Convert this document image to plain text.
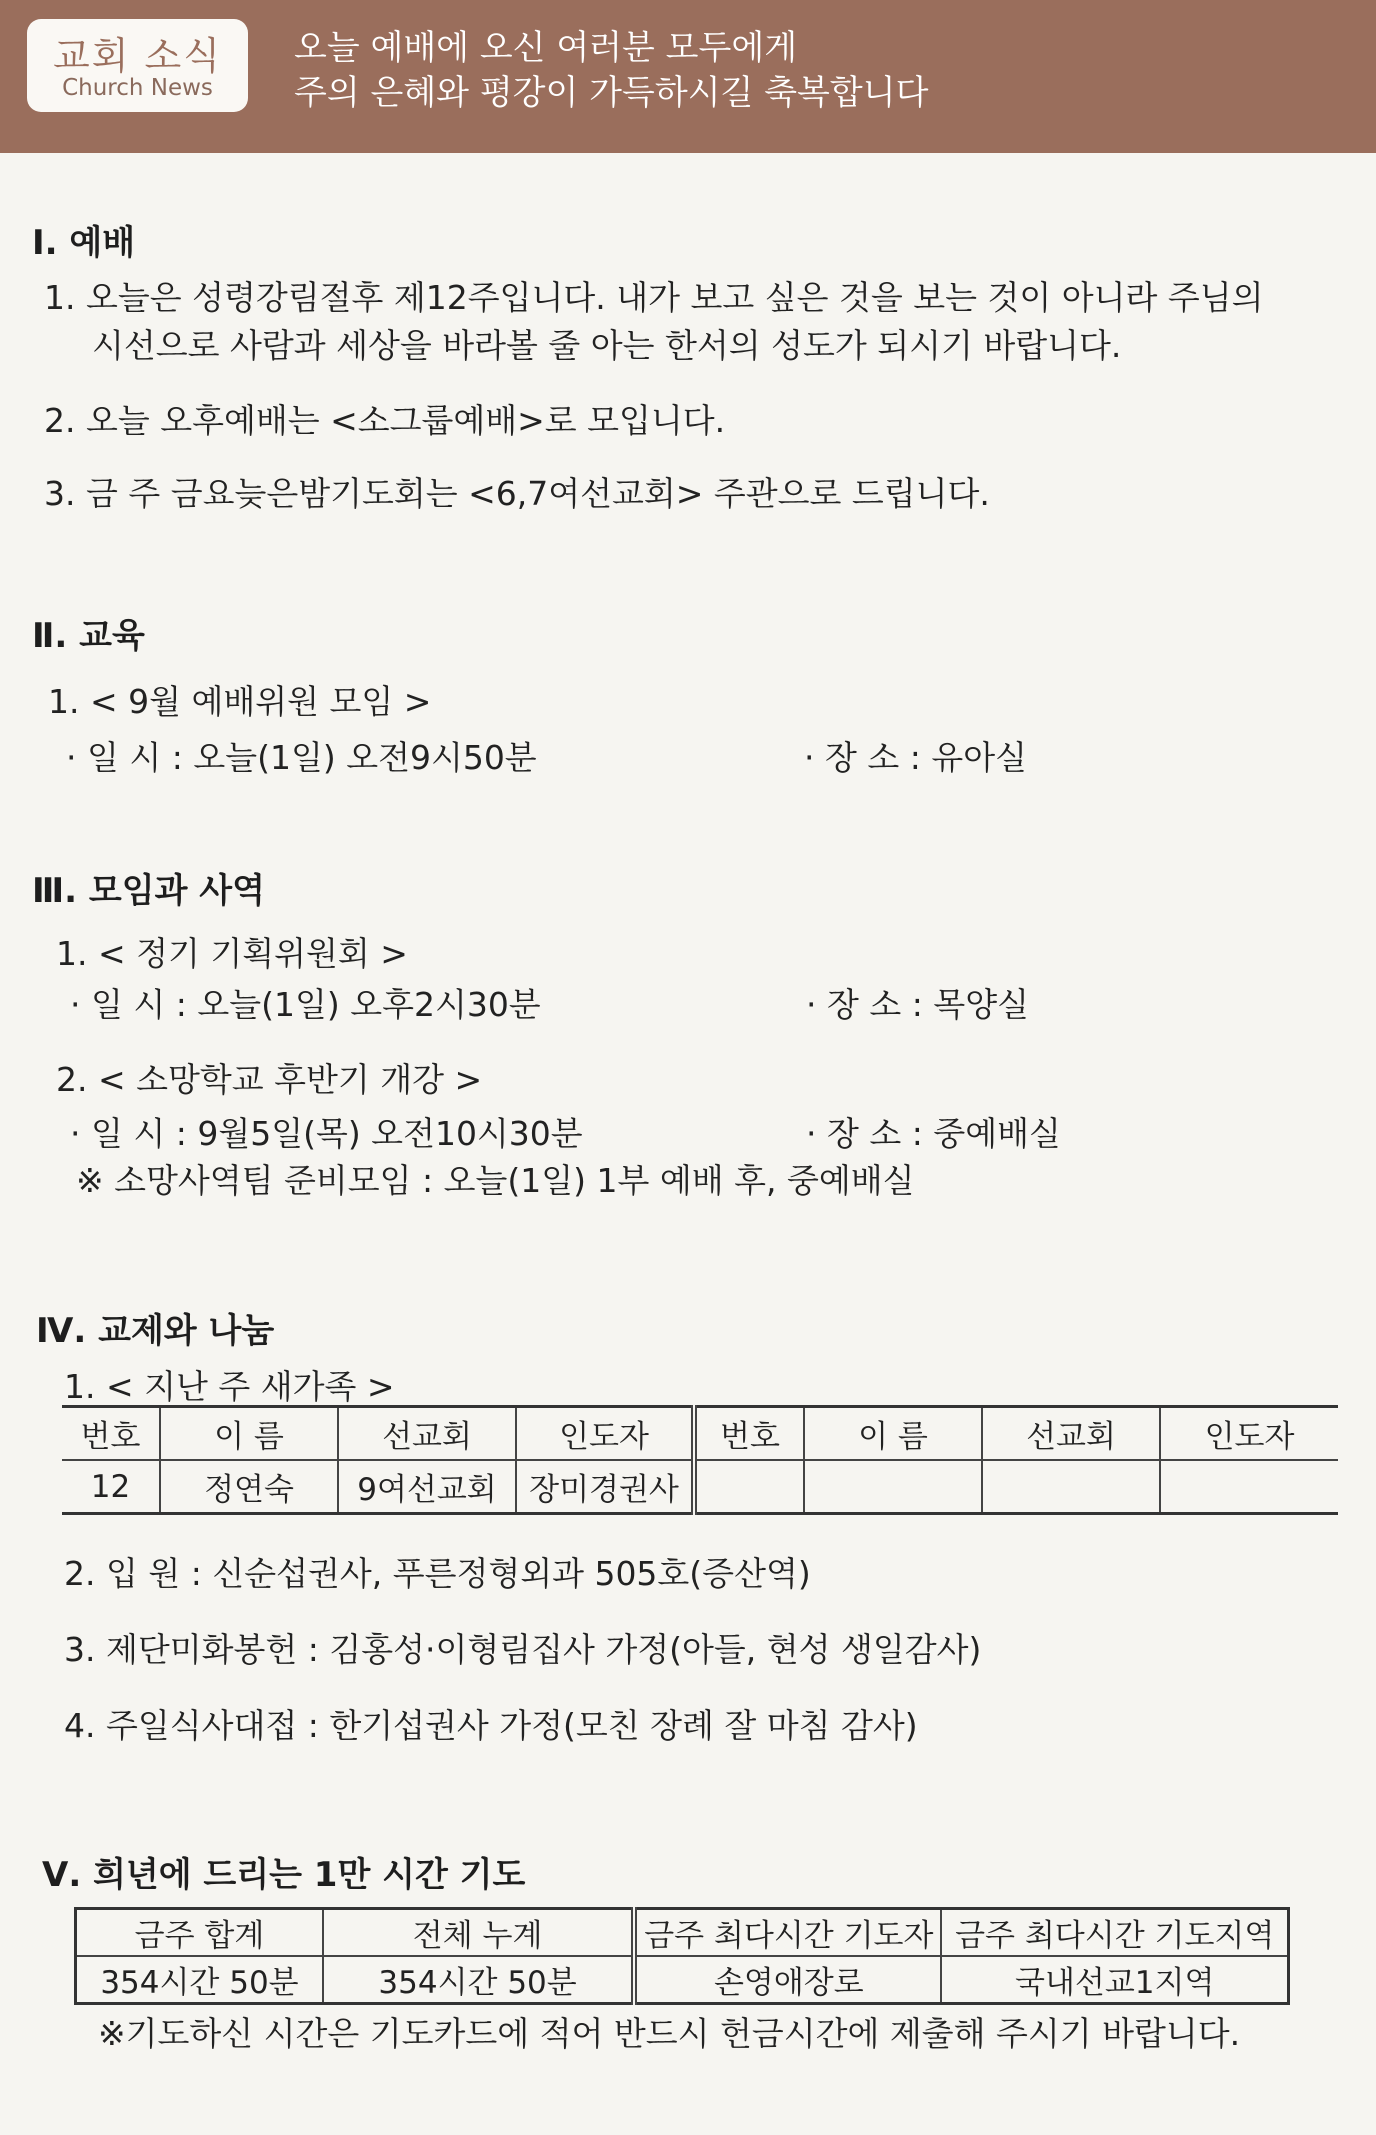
교회 소식
Church News
오늘 예배에 오신 여러분 모두에게
주의 은혜와 평강이 가득하시길 축복합니다
Ⅰ. 예배
1. 오늘은 성령강림절후 제12주입니다. 내가 보고 싶은 것을 보는 것이 아니라 주님의
시선으로 사람과 세상을 바라볼 줄 아는 한서의 성도가 되시기 바랍니다.
2. 오늘 오후예배는 <소그룹예배>로 모입니다.
3. 금 주 금요늦은밤기도회는 <6,7여선교회> 주관으로 드립니다.
Ⅱ. 교육
1. < 9월 예배위원 모임 >
· 일 시 : 오늘(1일) 오전9시50분	· 장 소 : 유아실
Ⅲ. 모임과 사역
1. < 정기 기획위원회 >
· 일 시 : 오늘(1일) 오후2시30분	· 장 소 : 목양실
2. < 소망학교 후반기 개강 >
· 일 시 : 9월5일(목) 오전10시30분	· 장 소 : 중예배실
※ 소망사역팀 준비모임 : 오늘(1일) 1부 예배 후, 중예배실
Ⅳ. 교제와 나눔
1. < 지난 주 새가족 >
번호	이 름	선교회	인도자	번호	이 름	선교회	인도자
12	정연숙	9여선교회	장미경권사				
2. 입 원 : 신순섭권사, 푸른정형외과 505호(증산역)
3. 제단미화봉헌 : 김홍성·이형림집사 가정(아들, 현성 생일감사)
4. 주일식사대접 : 한기섭권사 가정(모친 장례 잘 마침 감사)
Ⅴ. 희년에 드리는 1만 시간 기도
금주 합계	전체 누계	금주 최다시간 기도자	금주 최다시간 기도지역
354시간 50분	354시간 50분	손영애장로	국내선교1지역
※기도하신 시간은 기도카드에 적어 반드시 헌금시간에 제출해 주시기 바랍니다.
